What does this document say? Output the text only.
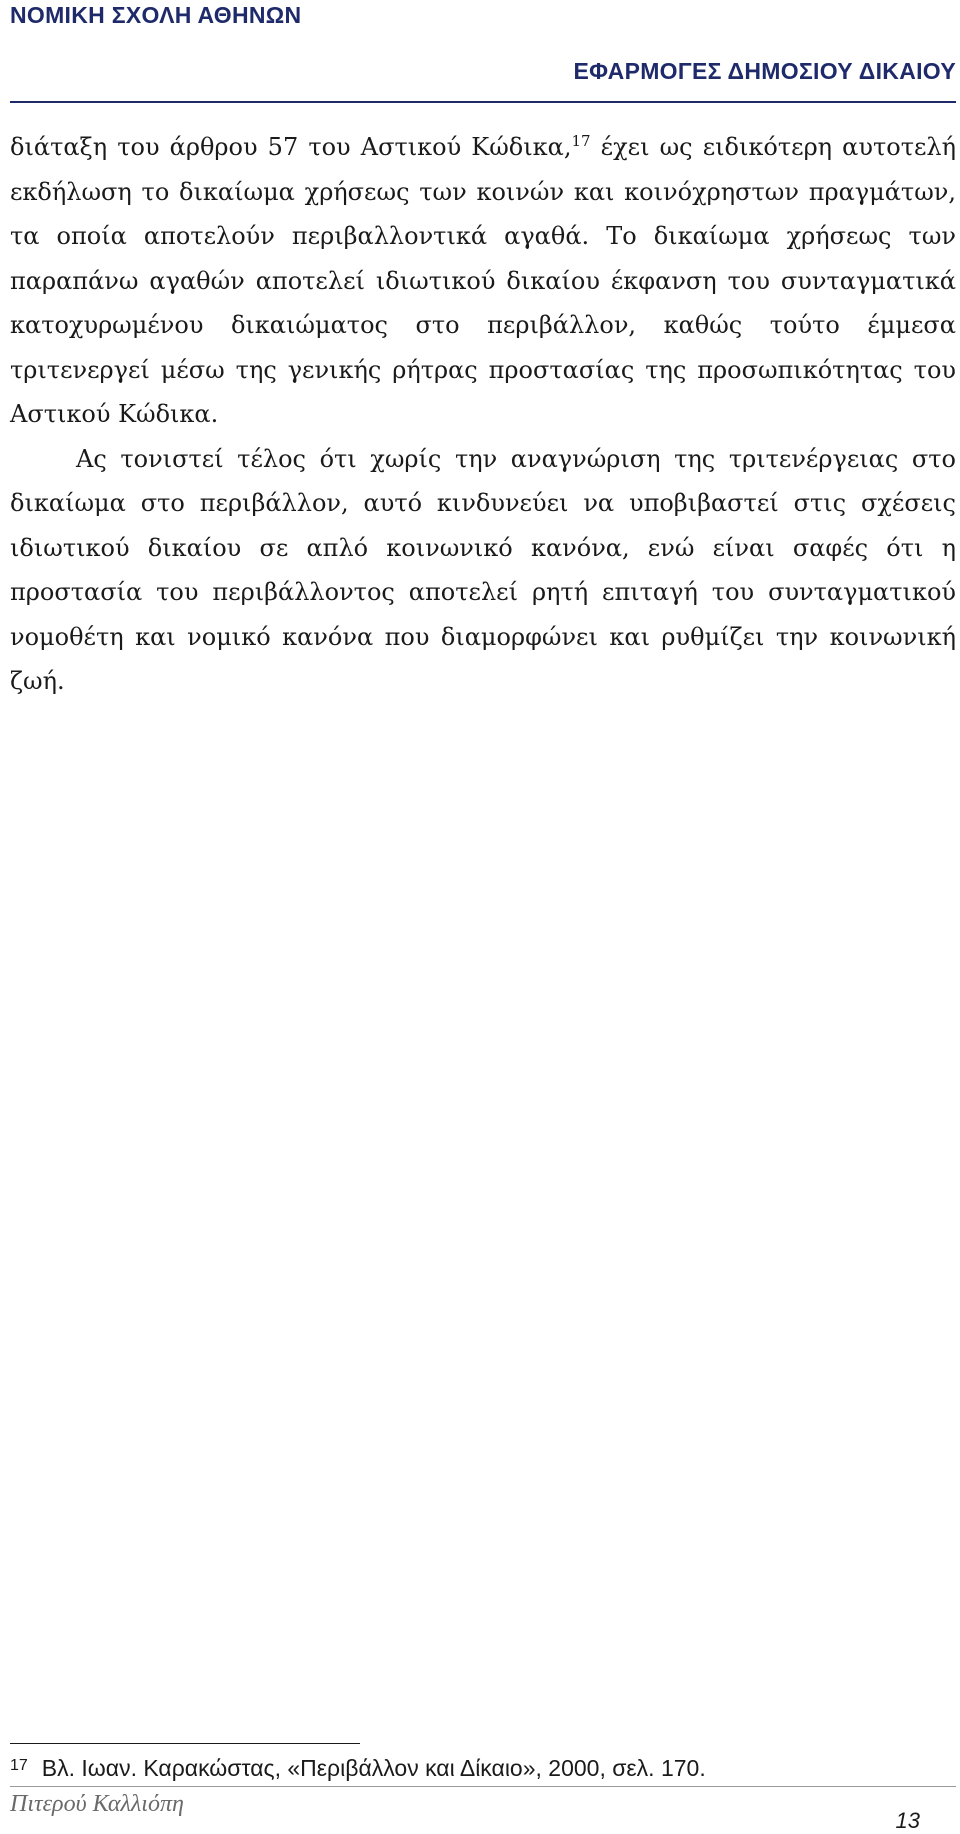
ΝΟΜΙΚΗ ΣΧΟΛΗ ΑΘΗΝΩΝ
ΕΦΑΡΜΟΓΕΣ ΔΗΜΟΣΙΟΥ ΔΙΚΑΙΟΥ

διάταξη του άρθρου 57 του Αστικού Κώδικα,$^{17}$ έχει ως ειδικότερη αυτοτελή εκδήλωση το δικαίωμα χρήσεως των κοινών και κοινόχρηστων πραγμάτων, τα οποία αποτελούν περιβαλλοντικά αγαθά. Το δικαίωμα χρήσεως των παραπάνω αγαθών αποτελεί ιδιωτικού δικαίου έκφανση του συνταγματικά κατοχυρωμένου δικαιώματος στο περιβάλλον, καθώς τούτο έμμεσα τριτενεργεί μέσω της γενικής ρήτρας προστασίας της προσωπικότητας του Αστικού Κώδικα.

Ας τονιστεί τέλος ότι χωρίς την αναγνώριση της τριτενέργειας στο δικαίωμα στο περιβάλλον, αυτό κινδυνεύει να υποβιβαστεί στις σχέσεις ιδιωτικού δικαίου σε απλό κοινωνικό κανόνα, ενώ είναι σαφές ότι η προστασία του περιβάλλοντος αποτελεί ρητή επιταγή του συνταγματικού νομοθέτη και νομικό κανόνα που διαμορφώνει και ρυθμίζει την κοινωνική ζωή.

$^{17}$ Βλ. Ιωαν. Καρακώστας, «Περιβάλλον και Δίκαιο», 2000, σελ. 170.
Πιτερού Καλλιόπη
13
